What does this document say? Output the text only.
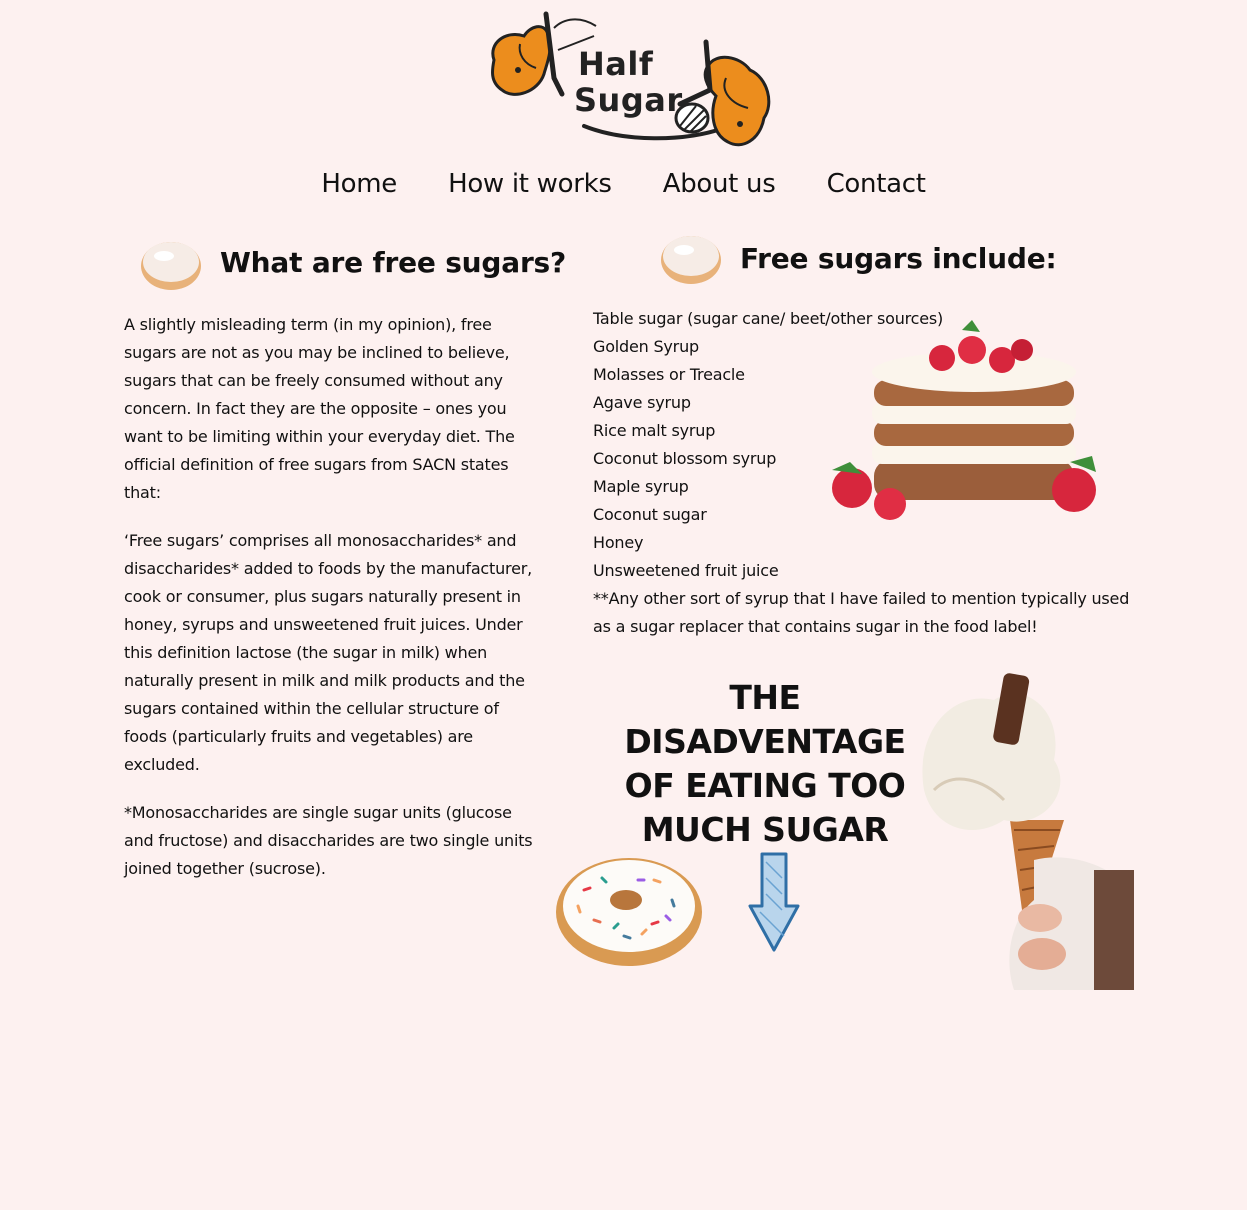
Half
Sugar
Home How it works About us Contact
What are free sugars?

A slightly misleading term (in my opinion), free sugars are not as you may be inclined to believe, sugars that can be freely consumed without any concern. In fact they are the opposite – ones you want to be limiting within your everyday diet. The official definition of free sugars from SACN states that:

‘Free sugars’ comprises all monosaccharides* and disaccharides* added to foods by the manufacturer, cook or consumer, plus sugars naturally present in honey, syrups and unsweetened fruit juices. Under this definition lactose (the sugar in milk) when naturally present in milk and milk products and the sugars contained within the cellular structure of foods (particularly fruits and vegetables) are excluded.

*Monosaccharides are single sugar units (glucose and fructose) and disaccharides are two single units joined together (sucrose).

Free sugars include:
Table sugar (sugar cane/ beet/other sources)
Golden Syrup
Molasses or Treacle
Agave syrup
Rice malt syrup
Coconut blossom syrup
Maple syrup
Coconut sugar
Honey
Unsweetened fruit juice

**Any other sort of syrup that I have failed to mention typically used as a sugar replacer that contains sugar in the food label!

THE
DISADVENTAGE
OF EATING TOO
MUCH SUGAR
